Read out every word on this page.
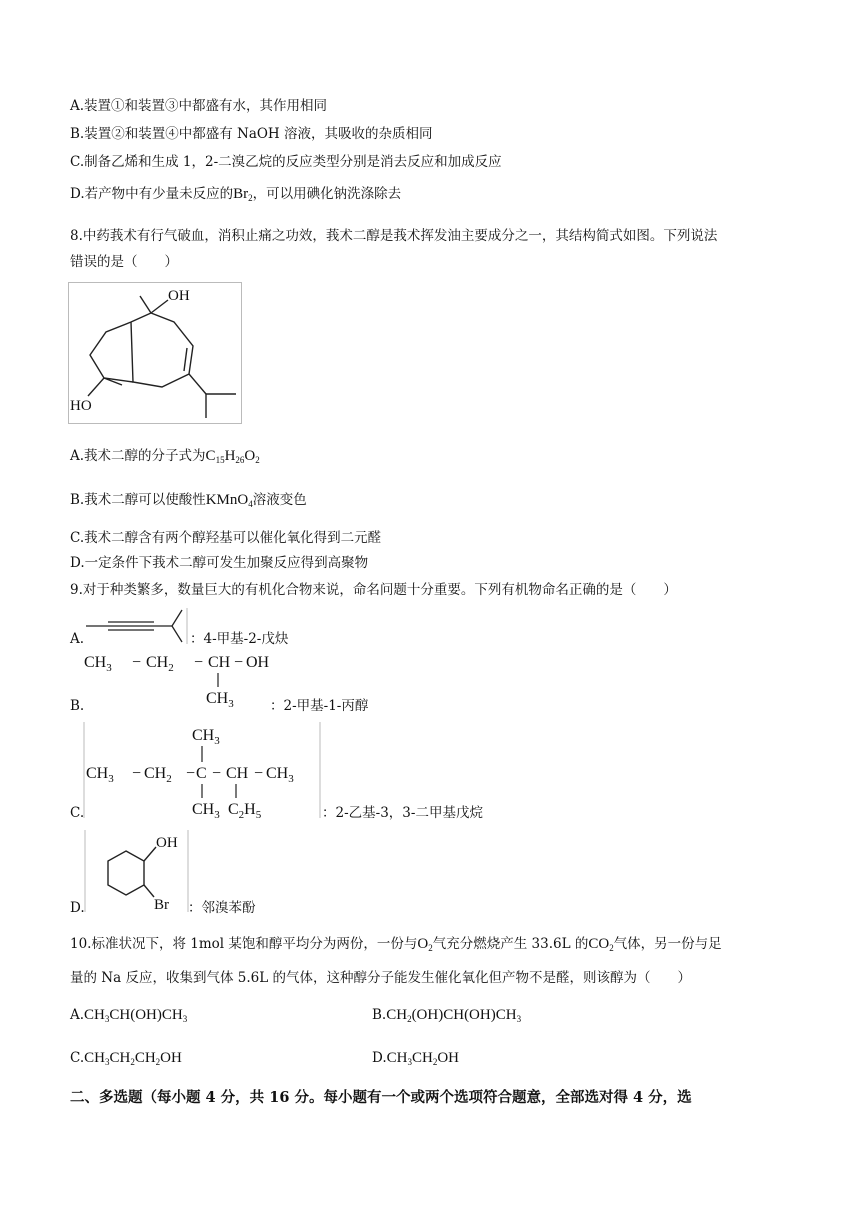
A.装置①和装置③中都盛有水，其作用相同
B.装置②和装置④中都盛有 NaOH 溶液，其吸收的杂质相同
C.制备乙烯和生成 1，2-二溴乙烷的反应类型分别是消去反应和加成反应
D.若产物中有少量未反应的$Br_2$，可以用碘化钠洗涤除去
8.中药莪术有行气破血，消积止痛之功效，莪术二醇是莪术挥发油主要成分之一，其结构简式如图。下列说法
错误的是（　　）
OH
HO
A.莪术二醇的分子式为$C_{15}H_{26}O_2$
B.莪术二醇可以使酸性KMnO$_4$溶液变色
C.莪术二醇含有两个醇羟基可以催化氧化得到二元醛
D.一定条件下莪术二醇可发生加聚反应得到高聚物
9.对于种类繁多，数量巨大的有机化合物来说，命名问题十分重要。下列有机物命名正确的是（　　）
A.	：4-甲基-2-戊炔
B.
$CH_3 - CH_2$ − CH − OH
$CH_3$	：2-甲基-1-丙醇
C.
$CH_3$
$CH_3 - CH_2 - C$ − CH − $CH_3$
$CH_3$ $C_2H_5$	：2-乙基-3，3-二甲基戊烷
D.
OH
Br ：邻溴苯酚
10.标准状况下，将 1mol 某饱和醇平均分为两份，一份与$O_2$气充分燃烧产生 33.6L 的$CO_2$气体，另一份与足
量的 Na 反应，收集到气体 5.6L 的气体，这种醇分子能发生催化氧化但产物不是醛，则该醇为（　　）
$A.CH_3CH(OH)CH_3$	$B.CH_2(OH)CH(OH)CH_3$
$C.CH_3CH_2CH_2OH$	$D.CH_3CH_2OH$
二、多选题（每小题 4 分，共 16 分。每小题有一个或两个选项符合题意，全部选对得 4 分，选
